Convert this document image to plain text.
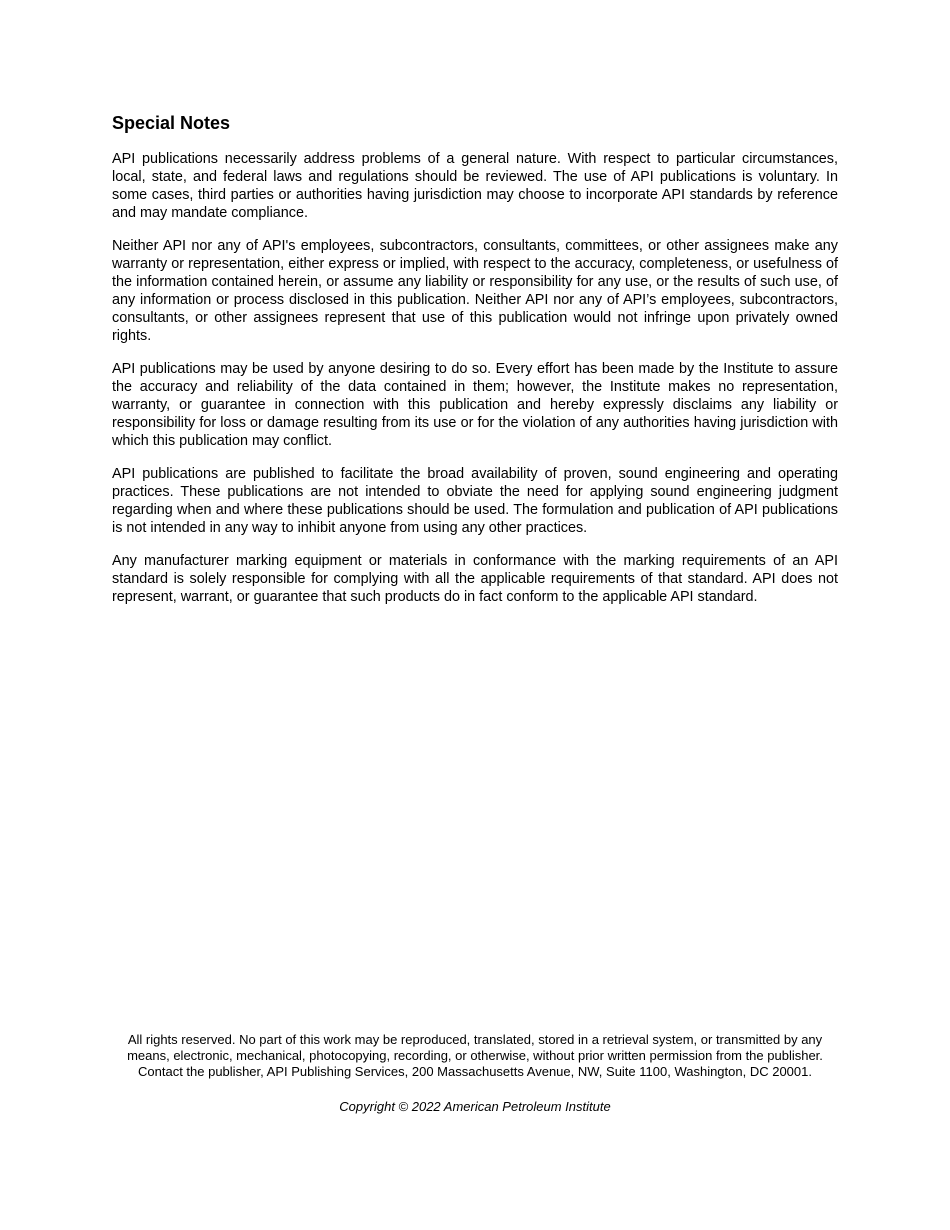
Special Notes

API publications necessarily address problems of a general nature. With respect to particular circumstances, local, state, and federal laws and regulations should be reviewed. The use of API publications is voluntary. In some cases, third parties or authorities having jurisdiction may choose to incorporate API standards by reference and may mandate compliance.

Neither API nor any of API's employees, subcontractors, consultants, committees, or other assignees make any warranty or representation, either express or implied, with respect to the accuracy, completeness, or usefulness of the information contained herein, or assume any liability or responsibility for any use, or the results of such use, of any information or process disclosed in this publication. Neither API nor any of API’s employees, subcontractors, consultants, or other assignees represent that use of this publication would not infringe upon privately owned rights.

API publications may be used by anyone desiring to do so. Every effort has been made by the Institute to assure the accuracy and reliability of the data contained in them; however, the Institute makes no representation, warranty, or guarantee in connection with this publication and hereby expressly disclaims any liability or responsibility for loss or damage resulting from its use or for the violation of any authorities having jurisdiction with which this publication may conflict.

API publications are published to facilitate the broad availability of proven, sound engineering and operating practices. These publications are not intended to obviate the need for applying sound engineering judgment regarding when and where these publications should be used. The formulation and publication of API publications is not intended in any way to inhibit anyone from using any other practices.

Any manufacturer marking equipment or materials in conformance with the marking requirements of an API standard is solely responsible for complying with all the applicable requirements of that standard. API does not represent, warrant, or guarantee that such products do in fact conform to the applicable API standard.

All rights reserved. No part of this work may be reproduced, translated, stored in a retrieval system, or transmitted by any
means, electronic, mechanical, photocopying, recording, or otherwise, without prior written permission from the publisher.
Contact the publisher, API Publishing Services, 200 Massachusetts Avenue, NW, Suite 1100, Washington, DC 20001.

Copyright © 2022 American Petroleum Institute
